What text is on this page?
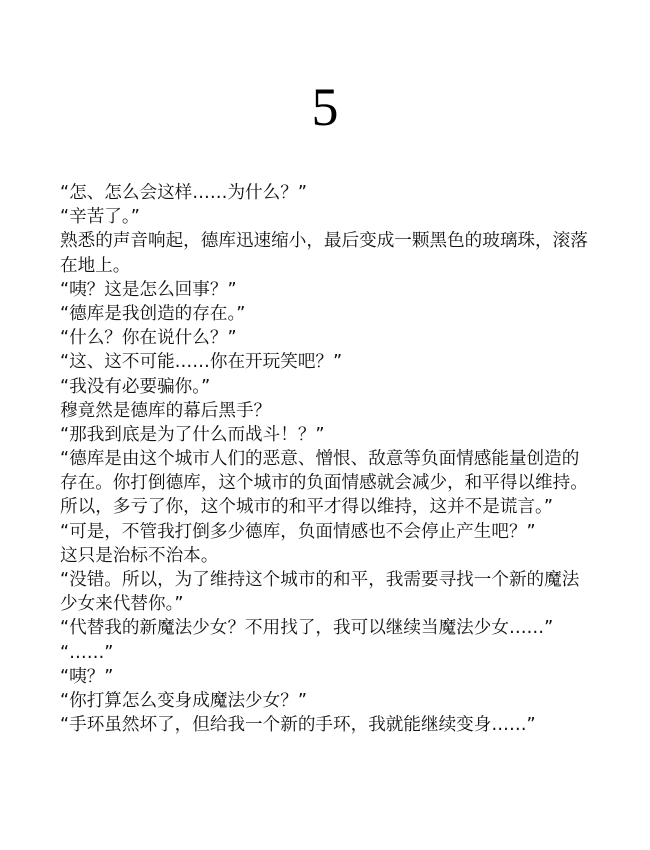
5
“怎、怎么会这样……为什么？”
“辛苦了。”
熟悉的声音响起，德库迅速缩小，最后变成一颗黑色的玻璃珠，滚落
在地上。
“咦？这是怎么回事？”
“德库是我创造的存在。”
“什么？你在说什么？”
“这、这不可能……你在开玩笑吧？”
“我没有必要骗你。”
穆竟然是德库的幕后黑手？
“那我到底是为了什么而战斗！？”
“德库是由这个城市人们的恶意、憎恨、敌意等负面情感能量创造的
存在。你打倒德库，这个城市的负面情感就会减少，和平得以维持。
所以，多亏了你，这个城市的和平才得以维持，这并不是谎言。”
“可是，不管我打倒多少德库，负面情感也不会停止产生吧？”
这只是治标不治本。
“没错。所以，为了维持这个城市的和平，我需要寻找一个新的魔法
少女来代替你。”
“代替我的新魔法少女？不用找了，我可以继续当魔法少女……”
“……”
“咦？”
“你打算怎么变身成魔法少女？”
“手环虽然坏了，但给我一个新的手环，我就能继续变身……”
